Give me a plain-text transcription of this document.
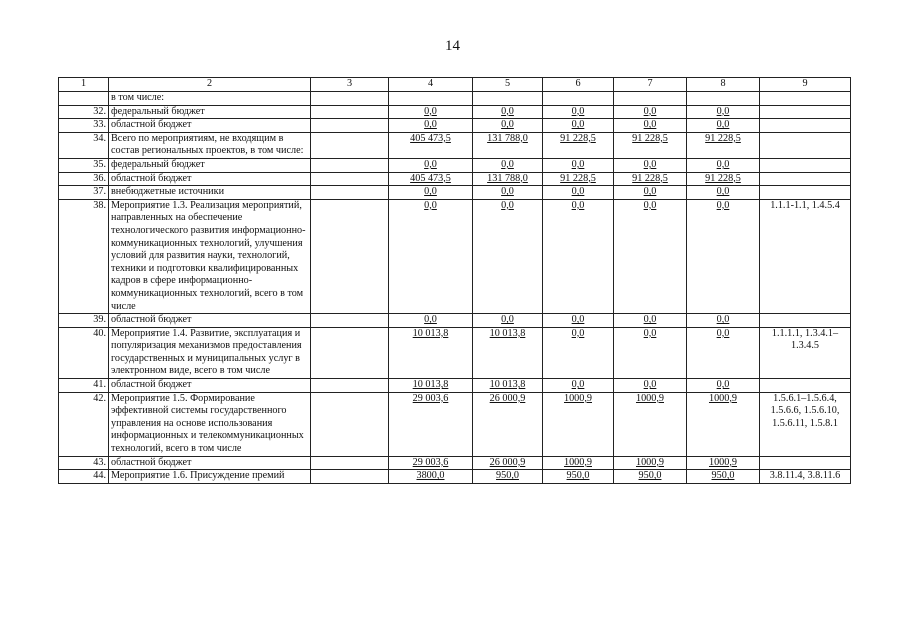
14
1	2	3	4	5	6	7	8	9
	в том числе:							
32.	федеральный бюджет		0,0	0,0	0,0	0,0	0,0	
33.	областной бюджет		0,0	0,0	0,0	0,0	0,0	
34.	Всего по мероприятиям, не входящим в состав региональных проектов, в том числе:		405 473,5	131 788,0	91 228,5	91 228,5	91 228,5	
35.	федеральный бюджет		0,0	0,0	0,0	0,0	0,0	
36.	областной бюджет		405 473,5	131 788,0	91 228,5	91 228,5	91 228,5	
37.	внебюджетные источники		0,0	0,0	0,0	0,0	0,0	
38.	Мероприятие 1.3. Реализация мероприятий, направленных на обеспечение технологического развития информационно-коммуникационных технологий, улучшения условий для развития науки, технологий, техники и подготовки квалифицированных кадров в сфере информационно-коммуникационных технологий, всего в том числе		0,0	0,0	0,0	0,0	0,0	1.1.1-1.1, 1.4.5.4
39.	областной бюджет		0,0	0,0	0,0	0,0	0,0	
40.	Мероприятие 1.4. Развитие, эксплуатация и популяризация механизмов предоставления государственных и муниципальных услуг в электронном виде, всего в том числе		10 013,8	10 013,8	0,0	0,0	0,0	1.1.1.1, 1.3.4.1–1.3.4.5
41.	областной бюджет		10 013,8	10 013,8	0,0	0,0	0,0	
42.	Мероприятие 1.5. Формирование эффективной системы государственного управления на основе использования информационных и телекоммуникационных технологий, всего в том числе		29 003,6	26 000,9	1000,9	1000,9	1000,9	1.5.6.1–1.5.6.4, 1.5.6.6, 1.5.6.10, 1.5.6.11, 1.5.8.1
43.	областной бюджет		29 003,6	26 000,9	1000,9	1000,9	1000,9	
44.	Мероприятие 1.6. Присуждение премий		3800,0	950,0	950,0	950,0	950,0	3.8.11.4, 3.8.11.6
